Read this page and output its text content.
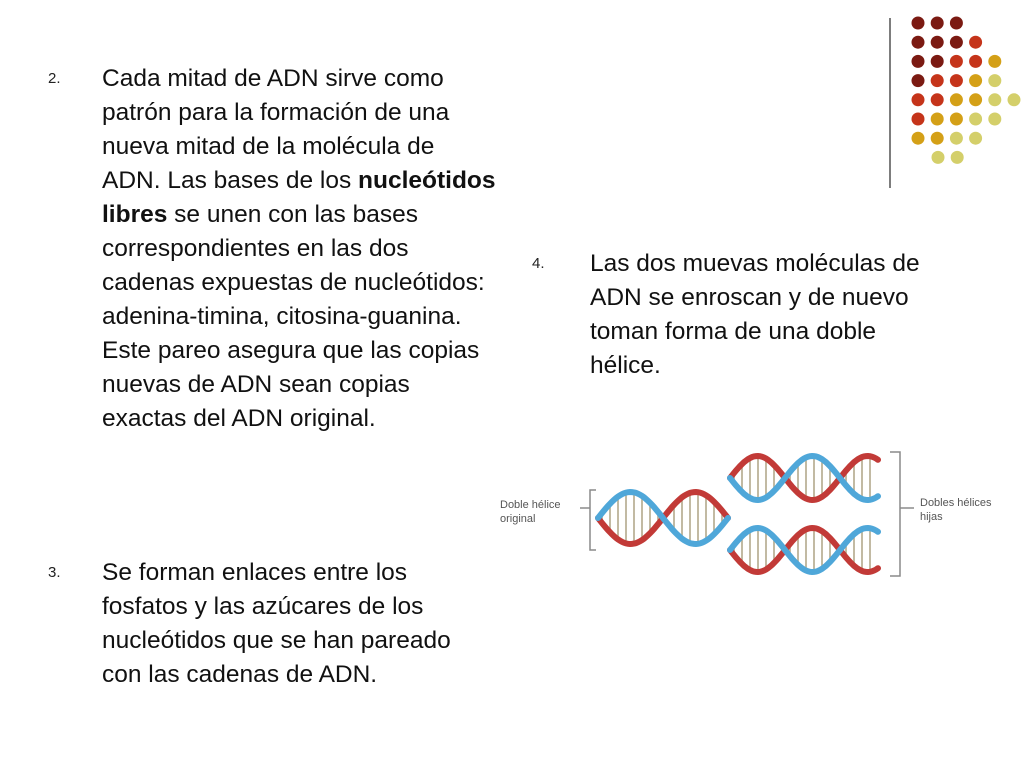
2.	Cada mitad de ADN sirve como patrón para la formación de una nueva mitad de la molécula de ADN. Las bases de los nucleótidos libres se unen con las bases correspondientes en las dos cadenas expuestas de nucleótidos: adenina-timina, citosina-guanina. Este pareo asegura que las copias nuevas de ADN sean copias exactas del ADN original.
3.	Se forman enlaces entre los fosfatos y las azúcares de los nucleótidos que se han pareado con las cadenas de ADN.
4.	Las dos muevas moléculas de ADN se enroscan y de nuevo toman forma de una doble hélice.
Doble hélice original
Dobles hélices hijas
